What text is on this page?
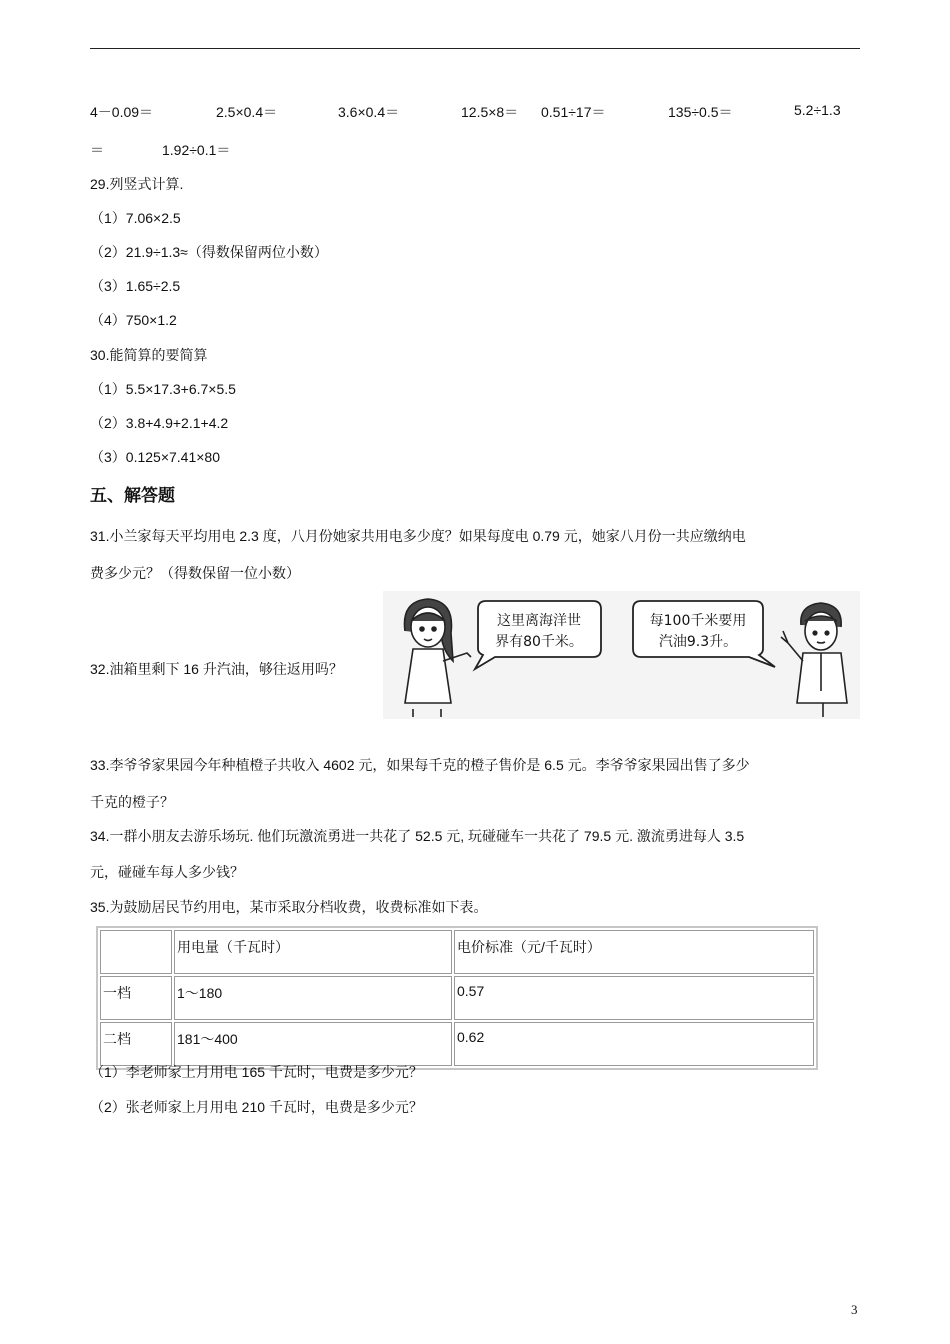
4－0.09＝	2.5×0.4＝	3.6×0.4＝	12.5×8＝ 0.51÷17＝	135÷0.5＝	5.2÷1.3
＝	1.92÷0.1＝
29.列竖式计算.
（1）7.06×2.5
（2）21.9÷1.3≈（得数保留两位小数）
（3）1.65÷2.5
（4）750×1.2
30.能简算的要简算
（1）5.5×17.3+6.7×5.5
（2）3.8+4.9+2.1+4.2
（3）0.125×7.41×80
五、解答题
31.小兰家每天平均用电 2.3 度，八月份她家共用电多少度？如果每度电 0.79 元，她家八月份一共应缴纳电
费多少元？（得数保留一位小数）
32.油箱里剩下 16 升汽油，够往返用吗？
这里离海洋世
界有80千米。
每100千米要用
汽油9.3升。
33.李爷爷家果园今年种植橙子共收入 4602 元，如果每千克的橙子售价是 6.5 元。李爷爷家果园出售了多少
千克的橙子？
34.一群小朋友去游乐场玩. 他们玩激流勇进一共花了 52.5 元, 玩碰碰车一共花了 79.5 元. 激流勇进每人 3.5
元，碰碰车每人多少钱？
35.为鼓励居民节约用电，某市采取分档收费，收费标准如下表。
	用电量（千瓦时）	电价标准（元/千瓦时）
一档	1～180	0.57
二档	181～400	0.62
（1）李老师家上月用电 165 千瓦时，电费是多少元？
（2）张老师家上月用电 210 千瓦时，电费是多少元？
3
